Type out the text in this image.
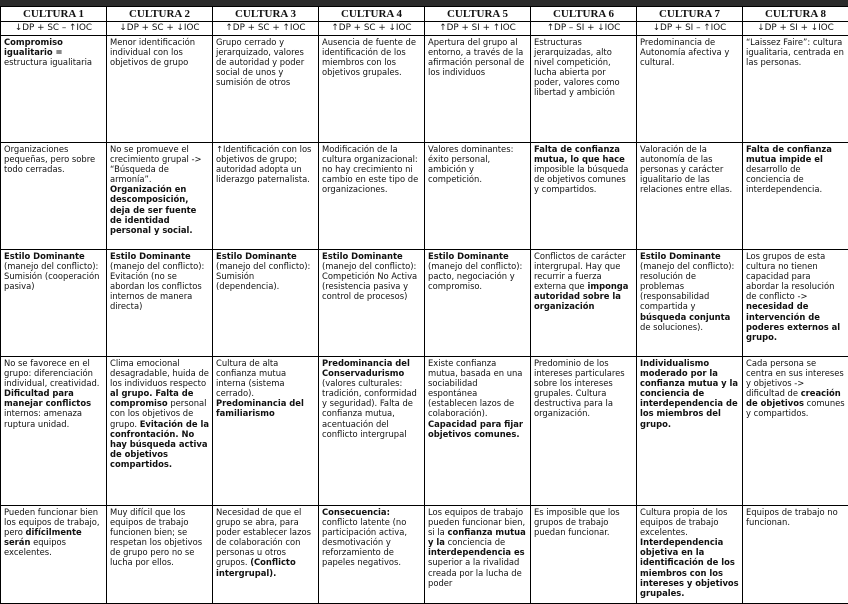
CULTURA 1	CULTURA 2	CULTURA 3	CULTURA 4	CULTURA 5	CULTURA 6	CULTURA 7	CULTURA 8
↓DP + SC – ↑IOC	↓DP + SC + ↓IOC	↑DP + SC + ↑IOC	↑DP + SC + ↓IOC	↑DP + SI + ↑IOC	↑DP – SI + ↓IOC	↓DP + SI – ↑IOC	↓DP + SI + ↓IOC
Compromiso igualitario = estructura igualitaria	Menor identificación individual con los objetivos de grupo	Grupo cerrado y jerarquizado, valores de autoridad y poder social de unos y sumisión de otros	Ausencia de fuente de identificación de los miembros con los objetivos grupales.	Apertura del grupo al entorno, a través de la afirmación personal de los individuos	Estructuras jerarquizadas, alto nivel competición, lucha abierta por poder, valores como libertad y ambición	Predominancia de Autonomía afectiva y cultural.	“Laissez Faire”: cultura igualitaria, centrada en las personas.
Organizaciones pequeñas, pero sobre todo cerradas.	No se promueve el crecimiento grupal -> “Búsqueda de armonía”. Organización en descomposición, deja de ser fuente de identidad personal y social.	↑Identificación con los objetivos de grupo; autoridad adopta un liderazgo paternalista.	Modificación de la cultura organizacional: no hay crecimiento ni cambio en este tipo de organizaciones.	Valores dominantes: éxito personal, ambición y competición.	Falta de confianza mutua, lo que hace imposible la búsqueda de objetivos comunes y compartidos.	Valoración de la autonomía de las personas y carácter igualitario de las relaciones entre ellas.	Falta de confianza mutua impide el desarrollo de conciencia de interdependencia.
Estilo Dominante (manejo del conflicto): Sumisión (cooperación pasiva)	Estilo Dominante (manejo del conflicto): Evitación (no se abordan los conflictos internos de manera directa)	Estilo Dominante (manejo del conflicto): Sumisión (dependencia).	Estilo Dominante (manejo del conflicto): Competición No Activa (resistencia pasiva y control de procesos)	Estilo Dominante (manejo del conflicto): pacto, negociación y compromiso.	Conflictos de carácter intergrupal. Hay que recurrir a fuerza externa que imponga autoridad sobre la organización	Estilo Dominante (manejo del conflicto): resolución de problemas (responsabilidad compartida y búsqueda conjunta de soluciones).	Los grupos de esta cultura no tienen capacidad para abordar la resolución de conflicto -> necesidad de intervención de poderes externos al grupo.
No se favorece en el grupo: diferenciación individual, creatividad. Dificultad para manejar conflictos internos: amenaza ruptura unidad.	Clima emocional desagradable, huida de los individuos respecto al grupo. Falta de compromiso personal con los objetivos de grupo. Evitación de la confrontación. No hay búsqueda activa de objetivos compartidos.	Cultura de alta confianza mutua interna (sistema cerrado). Predominancia del familiarismo	Predominancia del Conservadurismo (valores culturales: tradición, conformidad y seguridad). Falta de confianza mutua, acentuación del conflicto intergrupal	Existe confianza mutua, basada en una sociabilidad espontánea (establecen lazos de colaboración). Capacidad para fijar objetivos comunes.	Predominio de los intereses particulares sobre los intereses grupales. Cultura destructiva para la organización.	Individualismo moderado por la confianza mutua y la conciencia de interdependencia de los miembros del grupo.	Cada persona se centra en sus intereses y objetivos -> dificultad de creación de objetivos comunes y compartidos.
Pueden funcionar bien los equipos de trabajo, pero difícilmente serán equipos excelentes.	Muy difícil que los equipos de trabajo funcionen bien; se respetan los objetivos de grupo pero no se lucha por ellos.	Necesidad de que el grupo se abra, para poder establecer lazos de colaboración con personas u otros grupos. (Conflicto intergrupal).	Consecuencia: conflicto latente (no participación activa, desmotivación y reforzamiento de papeles negativos.	Los equipos de trabajo pueden funcionar bien, si la confianza mutua y la conciencia de interdependencia es superior a la rivalidad creada por la lucha de poder	Es imposible que los grupos de trabajo puedan funcionar.	Cultura propia de los equipos de trabajo excelentes. Interdependencia objetiva en la identificación de los miembros con los intereses y objetivos grupales.	Equipos de trabajo no funcionan.
